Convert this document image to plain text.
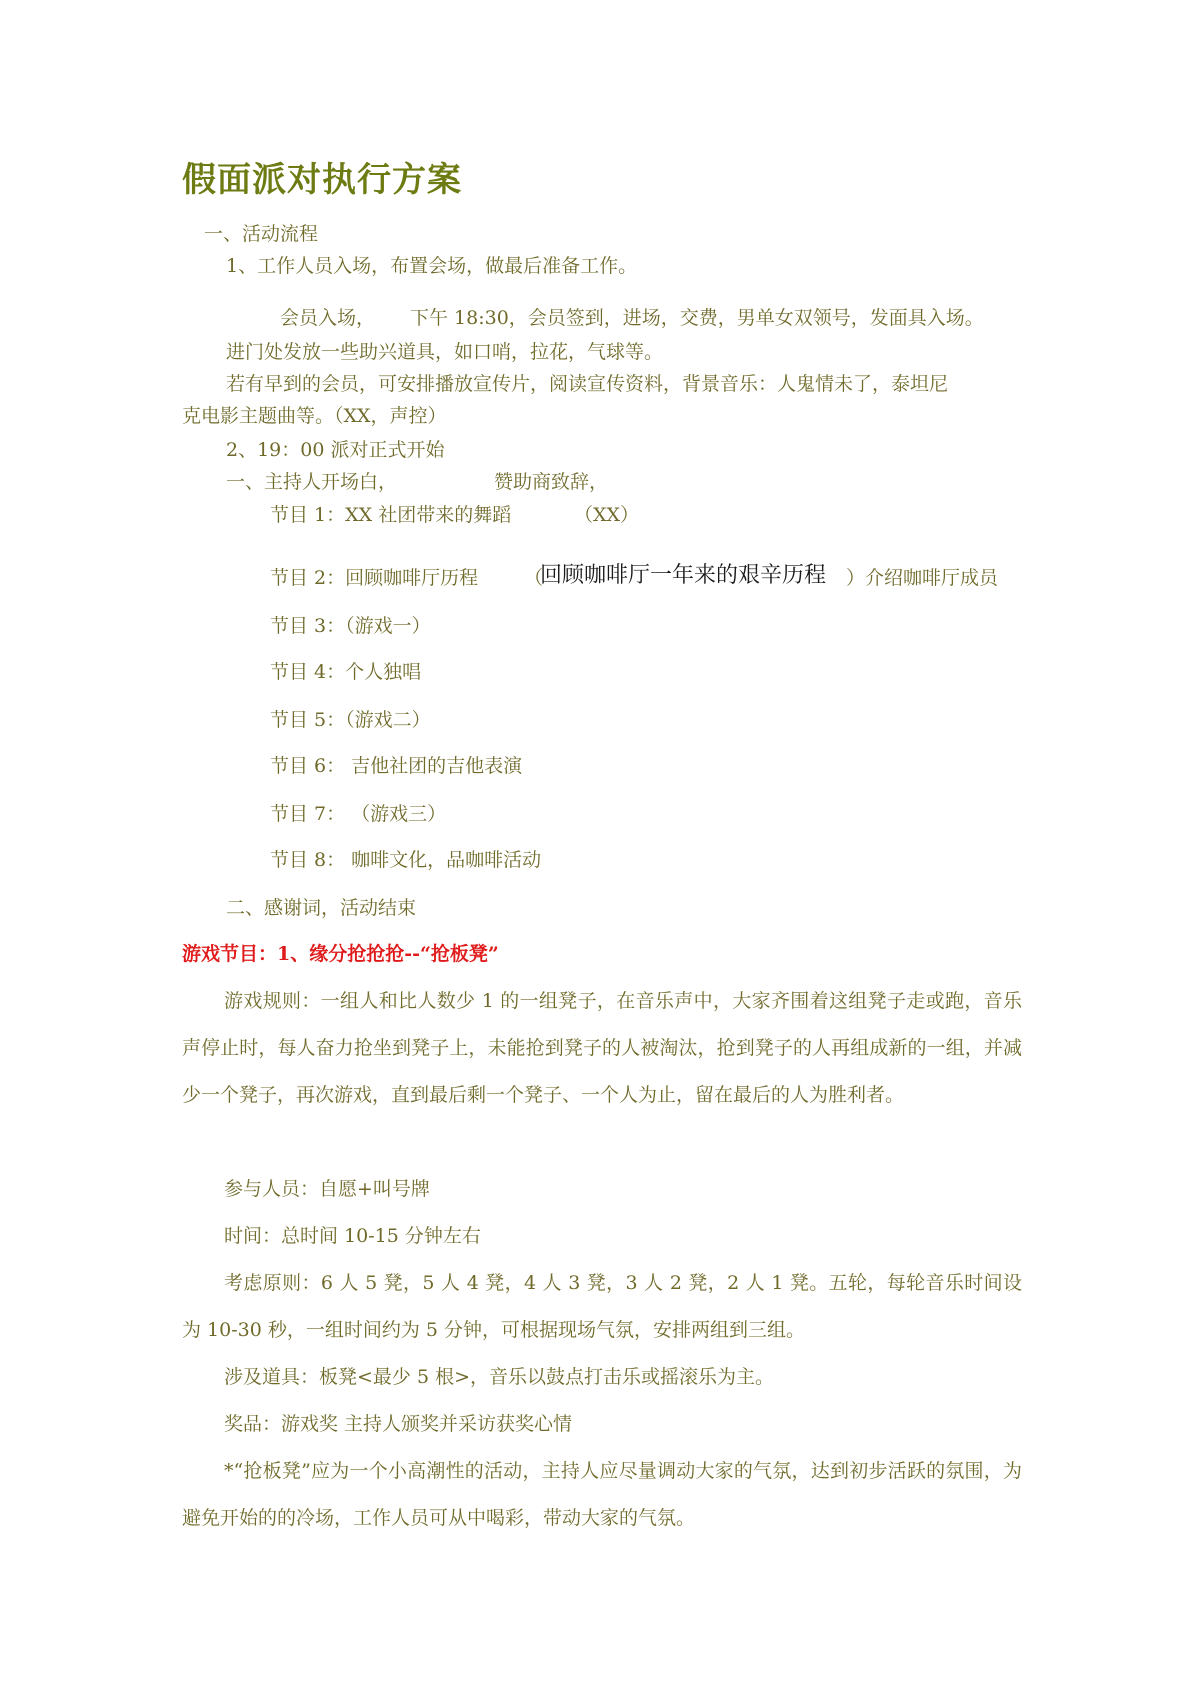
假面派对执行方案

一、活动流程

1、工作人员入场，布置会场，做最后准备工作。

会员入场， 下午 18:30，会员签到，进场，交费，男单女双领号，发面具入场。

进门处发放一些助兴道具，如口哨，拉花，气球等。

若有早到的会员，可安排播放宣传片，阅读宣传资料，背景音乐：人鬼情未了，泰坦尼

克电影主题曲等。（XX，声控）

2、19：00 派对正式开始

一、主持人开场白，	赞助商致辞，

节目 1：XX 社团带来的舞蹈	（XX）

节目 2：回顾咖啡厅历程 （

回顾咖啡厅一年来的艰辛历程 ）介绍咖啡厅成员

节目 3：（游戏一）

节目 4：个人独唱

节目 5：（游戏二）

节目 6： 吉他社团的吉他表演

节目 7： （游戏三）

节目 8： 咖啡文化，品咖啡活动

二、感谢词，活动结束

游戏节目：1、缘分抢抢抢--“抢板凳”

游戏规则：一组人和比人数少 1 的一组凳子，在音乐声中，大家齐围着这组凳子走或跑，音乐声停止时，每人奋力抢坐到凳子上，未能抢到凳子的人被淘汰，抢到凳子的人再组成新的一组，并减少一个凳子，再次游戏，直到最后剩一个凳子、一个人为止，留在最后的人为胜利者。

参与人员：自愿+叫号牌

时间：总时间 10-15 分钟左右

考虑原则：6 人 5 凳，5 人 4 凳，4 人 3 凳，3 人 2 凳，2 人 1 凳。五轮，每轮音乐时间设为 10-30 秒，一组时间约为 5 分钟，可根据现场气氛，安排两组到三组。

涉及道具：板凳<最少 5 根>，音乐以鼓点打击乐或摇滚乐为主。

奖品：游戏奖 主持人颁奖并采访获奖心情

*“抢板凳”应为一个小高潮性的活动，主持人应尽量调动大家的气氛，达到初步活跃的氛围，为避免开始的的冷场，工作人员可从中喝彩，带动大家的气氛。
